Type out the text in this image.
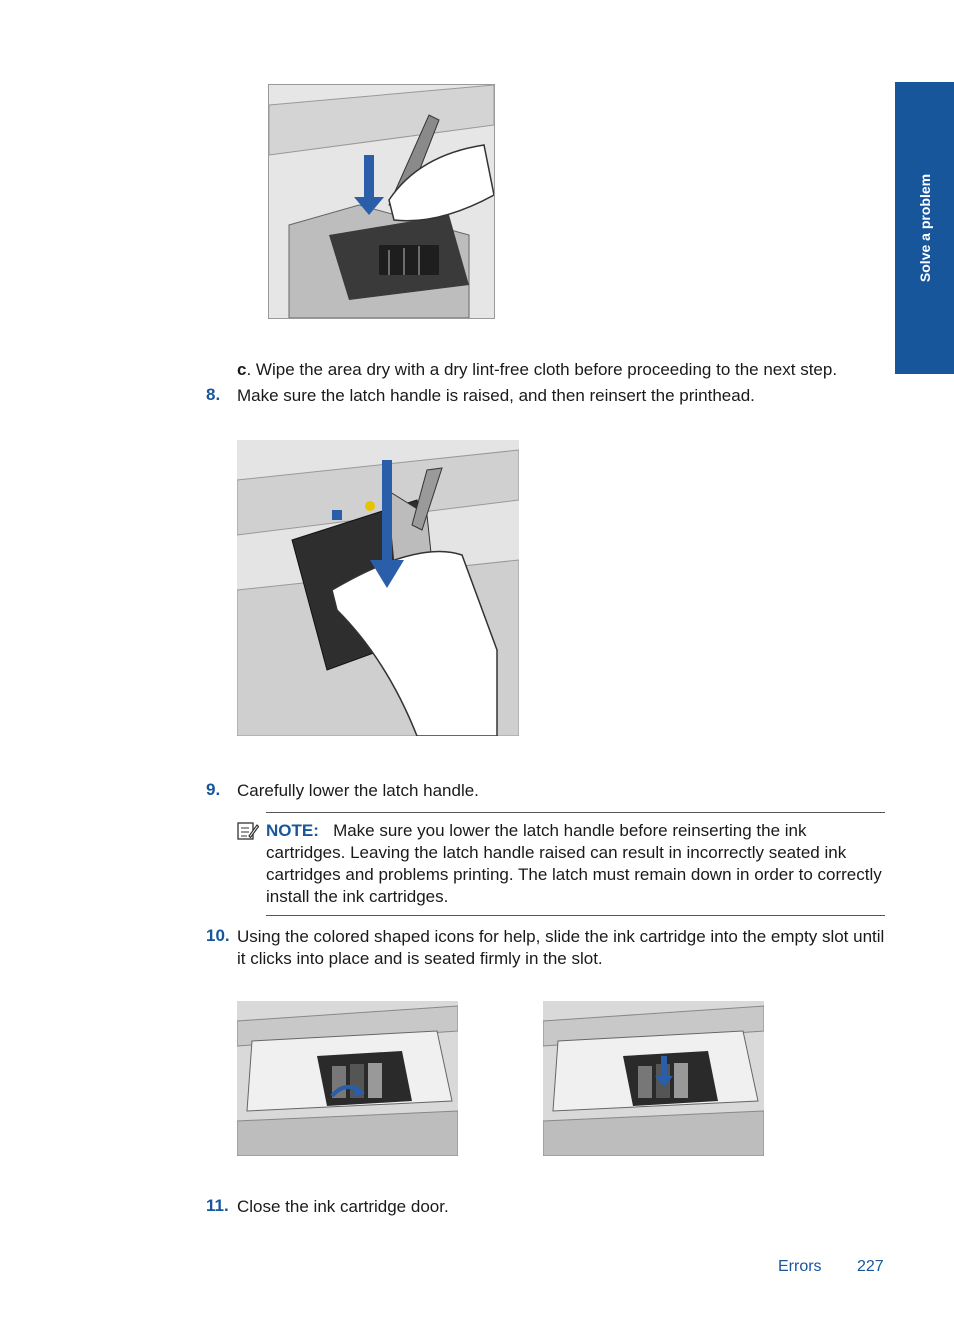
Solve a problem
c. Wipe the area dry with a dry lint-free cloth before proceeding to the next step.
8. Make sure the latch handle is raised, and then reinsert the printhead.
9. Carefully lower the latch handle.
NOTE: Make sure you lower the latch handle before reinserting the ink cartridges. Leaving the latch handle raised can result in incorrectly seated ink cartridges and problems printing. The latch must remain down in order to correctly install the ink cartridges.
10. Using the colored shaped icons for help, slide the ink cartridge into the empty slot until it clicks into place and is seated firmly in the slot.
11. Close the ink cartridge door.
Errors 227
